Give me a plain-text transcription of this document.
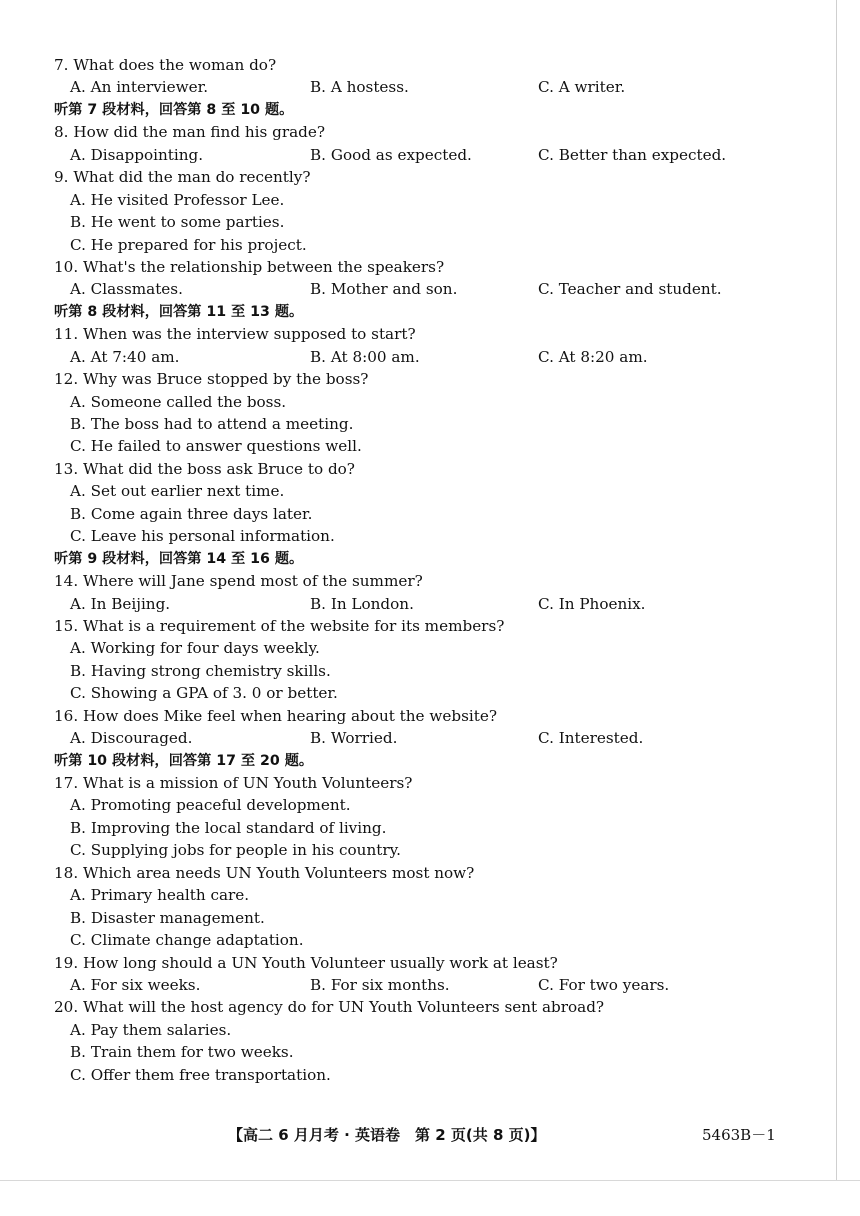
7. What does the woman do?
A. An interviewer.	B. A hostess.	C. A writer.
听第 7 段材料，回答第 8 至 10 题。
8. How did the man find his grade?
A. Disappointing.	B. Good as expected.	C. Better than expected.
9. What did the man do recently?
A. He visited Professor Lee.
B. He went to some parties.
C. He prepared for his project.
10. What's the relationship between the speakers?
A. Classmates.	B. Mother and son.	C. Teacher and student.
听第 8 段材料，回答第 11 至 13 题。
11. When was the interview supposed to start?
A. At 7:40 am.	B. At 8:00 am.	C. At 8:20 am.
12. Why was Bruce stopped by the boss?
A. Someone called the boss.
B. The boss had to attend a meeting.
C. He failed to answer questions well.
13. What did the boss ask Bruce to do?
A. Set out earlier next time.
B. Come again three days later.
C. Leave his personal information.
听第 9 段材料，回答第 14 至 16 题。
14. Where will Jane spend most of the summer?
A. In Beijing.	B. In London.	C. In Phoenix.
15. What is a requirement of the website for its members?
A. Working for four days weekly.
B. Having strong chemistry skills.
C. Showing a GPA of 3. 0 or better.
16. How does Mike feel when hearing about the website?
A. Discouraged.	B. Worried.	C. Interested.
听第 10 段材料，回答第 17 至 20 题。
17. What is a mission of UN Youth Volunteers?
A. Promoting peaceful development.
B. Improving the local standard of living.
C. Supplying jobs for people in his country.
18. Which area needs UN Youth Volunteers most now?
A. Primary health care.
B. Disaster management.
C. Climate change adaptation.
19. How long should a UN Youth Volunteer usually work at least?
A. For six weeks.	B. For six months.	C. For two years.
20. What will the host agency do for UN Youth Volunteers sent abroad?
A. Pay them salaries.
B. Train them for two weeks.
C. Offer them free transportation.
【高二 6 月月考 · 英语卷　第 2 页(共 8 页)】	5463B－1
